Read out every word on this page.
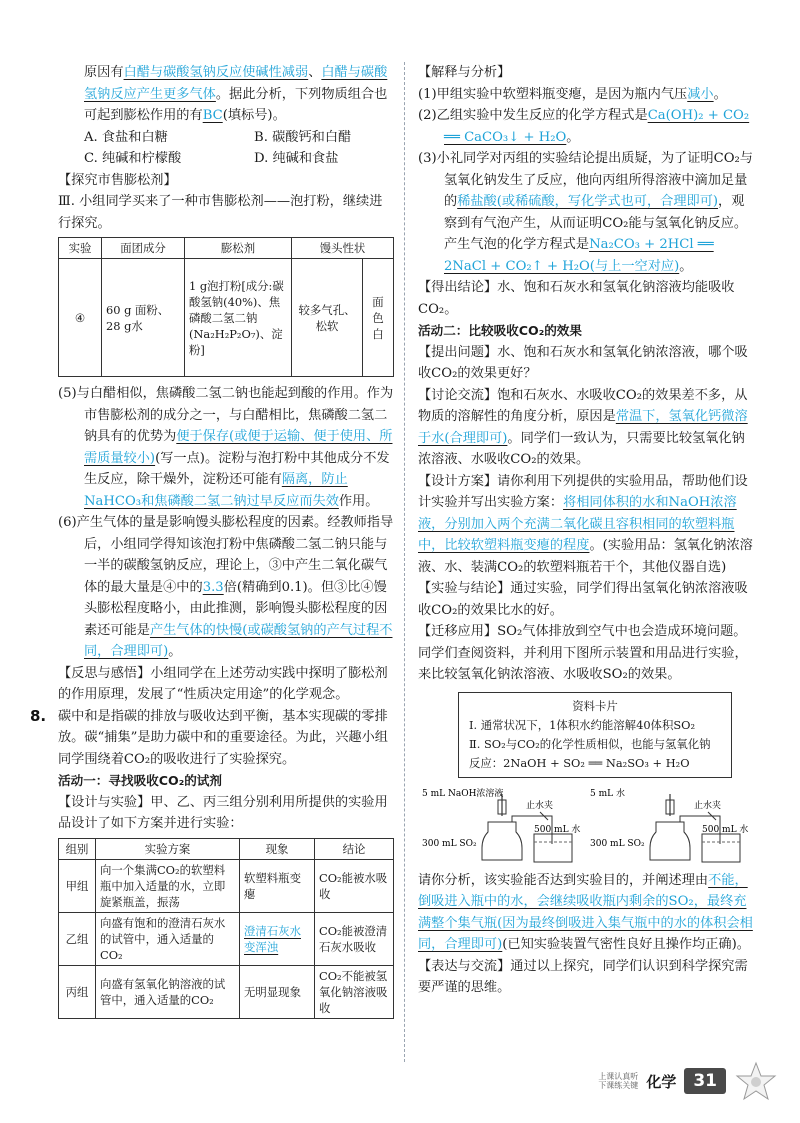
原因有白醋与碳酸氢钠反应使碱性减弱、白醋与碳酸氢钠反应产生更多气体。据此分析，下列物质组合也可起到膨松作用的有BC(填标号)。

A. 食盐和白糖	B. 碳酸钙和白醋
C. 纯碱和柠檬酸	D. 纯碱和食盐

【探究市售膨松剂】

Ⅲ. 小组同学买来了一种市售膨松剂——泡打粉，继续进行探究。

实验	面团成分	膨松剂	馒头性状	
④	60 g 面粉、28 g水	1 g泡打粉[成分:碳酸氢钠(40%)、焦磷酸二氢二钠(Na₂H₂P₂O₇)、淀粉]	较多气孔、松软	面色白

(5)与白醋相似，焦磷酸二氢二钠也能起到酸的作用。作为市售膨松剂的成分之一，与白醋相比，焦磷酸二氢二钠具有的优势为便于保存(或便于运输、便于使用、所需质量较小)(写一点)。淀粉与泡打粉中其他成分不发生反应，除干燥外，淀粉还可能有隔离，防止NaHCO₃和焦磷酸二氢二钠过早反应而失效作用。

(6)产生气体的量是影响馒头膨松程度的因素。经教师指导后，小组同学得知该泡打粉中焦磷酸二氢二钠只能与一半的碳酸氢钠反应，理论上，③中产生二氧化碳气体的最大量是④中的3.3倍(精确到0.1)。但③比④馒头膨松程度略小，由此推测，影响馒头膨松程度的因素还可能是产生气体的快慢(或碳酸氢钠的产气过程不同，合理即可)。

【反思与感悟】小组同学在上述劳动实践中探明了膨松剂的作用原理，发展了“性质决定用途”的化学观念。

8. 碳中和是指碳的排放与吸收达到平衡，基本实现碳的零排放。碳“捕集”是助力碳中和的重要途径。为此，兴趣小组同学围绕着CO₂的吸收进行了实验探究。

活动一：寻找吸收CO₂的试剂

【设计与实验】甲、乙、丙三组分别利用所提供的实验用品设计了如下方案并进行实验：

组别	实验方案	现象	结论
甲组	向一个集满CO₂的软塑料瓶中加入适量的水，立即旋紧瓶盖，振荡	软塑料瓶变瘪	CO₂能被水吸收
乙组	向盛有饱和的澄清石灰水的试管中，通入适量的CO₂	澄清石灰水变浑浊	CO₂能被澄清石灰水吸收
丙组	向盛有氢氧化钠溶液的试管中，通入适量的CO₂	无明显现象	CO₂不能被氢氧化钠溶液吸收

【解释与分析】

(1)甲组实验中软塑料瓶变瘪，是因为瓶内气压减小。

(2)乙组实验中发生反应的化学方程式是Ca(OH)₂ + CO₂ ══ CaCO₃↓ + H₂O。

(3)小礼同学对丙组的实验结论提出质疑，为了证明CO₂与氢氧化钠发生了反应，他向丙组所得溶液中滴加足量的稀盐酸(或稀硫酸，写化学式也可，合理即可)，观察到有气泡产生，从而证明CO₂能与氢氧化钠反应。产生气泡的化学方程式是Na₂CO₃ + 2HCl ══ 2NaCl + CO₂↑ + H₂O(与上一空对应)。

【得出结论】水、饱和石灰水和氢氧化钠溶液均能吸收CO₂。

活动二：比较吸收CO₂的效果

【提出问题】水、饱和石灰水和氢氧化钠浓溶液，哪个吸收CO₂的效果更好？

【讨论交流】饱和石灰水、水吸收CO₂的效果差不多，从物质的溶解性的角度分析，原因是常温下，氢氧化钙微溶于水(合理即可)。同学们一致认为，只需要比较氢氧化钠浓溶液、水吸收CO₂的效果。

【设计方案】请你利用下列提供的实验用品，帮助他们设计实验并写出实验方案：将相同体积的水和NaOH浓溶液，分别加入两个充满二氧化碳且容积相同的软塑料瓶中，比较软塑料瓶变瘪的程度。(实验用品：氢氧化钠浓溶液、水、装满CO₂的软塑料瓶若干个，其他仪器自选)

【实验与结论】通过实验，同学们得出氢氧化钠浓溶液吸收CO₂的效果比水的好。

【迁移应用】SO₂气体排放到空气中也会造成环境问题。同学们查阅资料，并利用下图所示装置和用品进行实验，来比较氢氧化钠浓溶液、水吸收SO₂的效果。

资料卡片
Ⅰ. 通常状况下，1体积水约能溶解40体积SO₂
Ⅱ. SO₂与CO₂的化学性质相似，也能与氢氧化钠反应：2NaOH + SO₂ ══ Na₂SO₃ + H₂O
5 mL NaOH浓溶液
止水夹
300 mL SO₂
500 mL 水
5 mL 水
止水夹
300 mL SO₂
500 mL 水

请你分析，该实验能否达到实验目的，并阐述理由不能，倒吸进入瓶中的水，会继续吸收瓶内剩余的SO₂，最终充满整个集气瓶(因为最终倒吸进入集气瓶中的水的体积会相同，合理即可)(已知实验装置气密性良好且操作均正确)。

【表达与交流】通过以上探究，同学们认识到科学探究需要严谨的思维。

上课认真听
下课练关键 化学	31
